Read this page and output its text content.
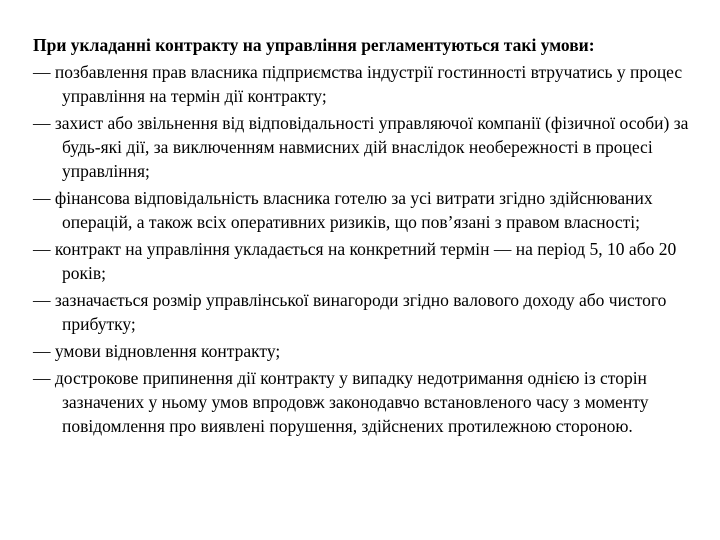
При укладанні контракту на управління регламентуються такі умови:

— позбавлення прав власника підприємства індустрії гостинності втручатись у процес управління на термін дії контракту;

— захист або звільнення від відповідальності управляючої компанії (фізичної особи) за будь-які дії, за виключенням навмисних дій внаслідок необережності в процесі управління;

— фінансова відповідальність власника готелю за усі витрати згідно здійснюваних операцій, а також всіх оперативних ризиків, що пов’язані з правом власності;

— контракт на управління укладається на конкретний термін — на період 5, 10 або 20 років;

— зазначається розмір управлінської винагороди згідно валового доходу або чистого прибутку;

— умови відновлення контракту;

— дострокове припинення дії контракту у випадку недотримання однією із сторін зазначених у ньому умов впродовж законодавчо встановленого часу з моменту повідомлення про виявлені порушення, здійснених протилежною стороною.
